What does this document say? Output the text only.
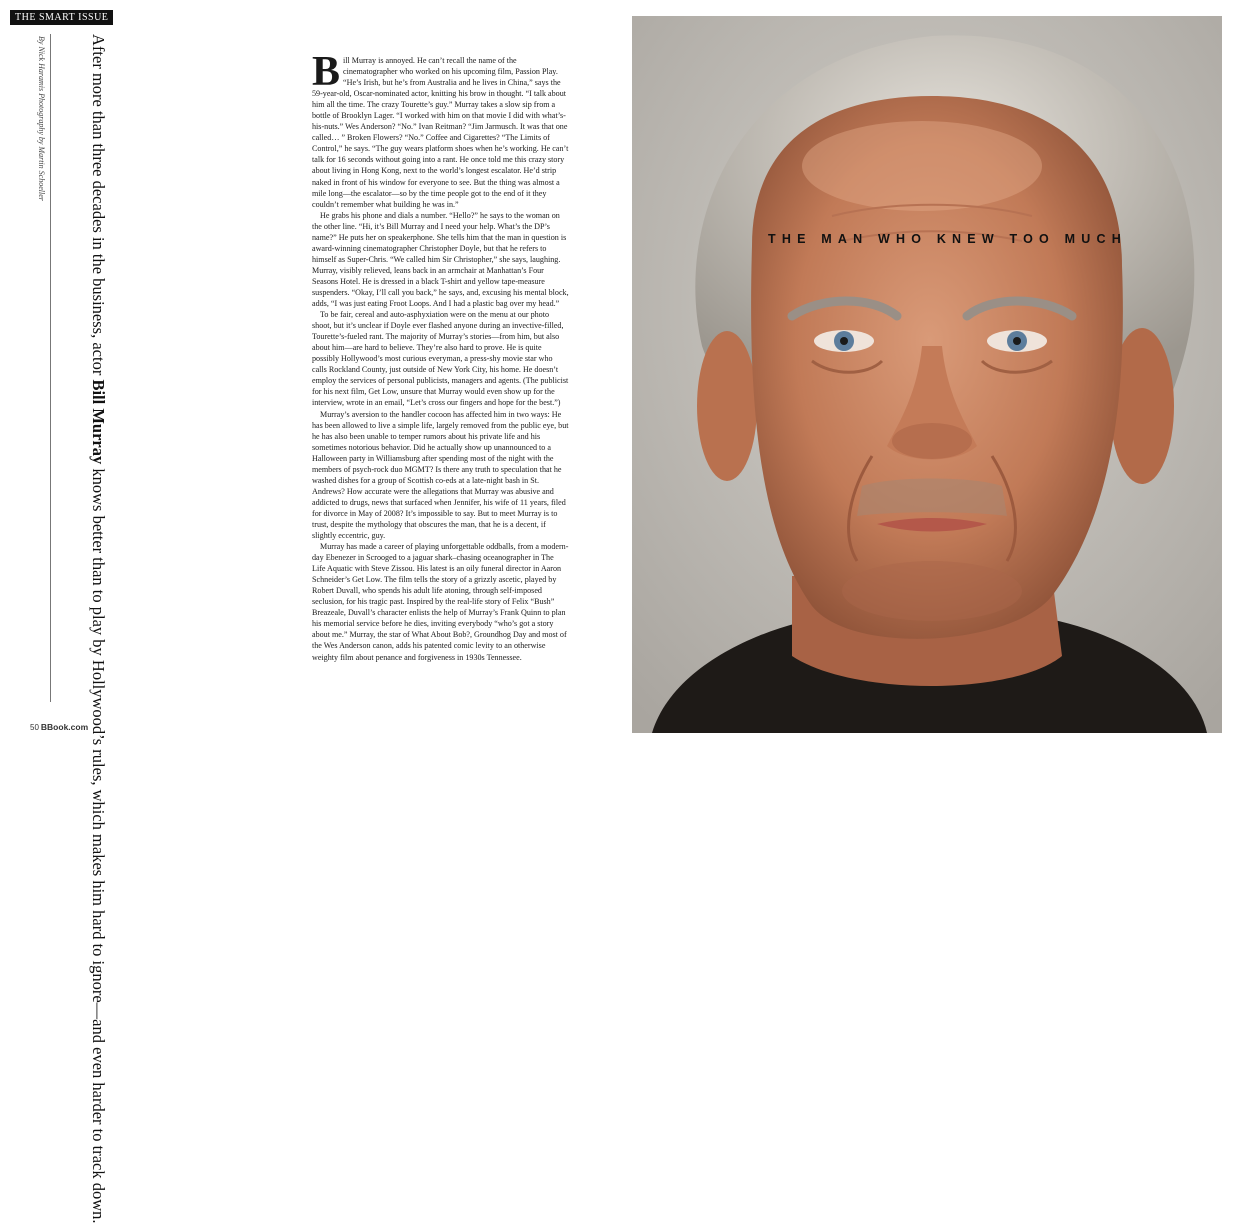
THE SMART ISSUE
After more than three decades in the business, actor Bill Murray knows better than to play by Hollywood’s rules, which makes him hard to ignore—and even harder to track down.
By Nick Haramis Photography by Martin Schoeller
50 BBook.com

Bill Murray is annoyed. He can’t recall the name of the cinematographer who worked on his upcoming film, Passion Play. “He’s Irish, but he’s from Australia and he lives in China,” says the 59-year-old, Oscar-nominated actor, knitting his brow in thought. “I talk about him all the time. The crazy Tourette’s guy.” Murray takes a slow sip from a bottle of Brooklyn Lager. “I worked with him on that movie I did with what’s-his-nuts.” Wes Anderson? “No.” Ivan Reitman? “Jim Jarmusch. It was that one called… ” Broken Flowers? “No.” Coffee and Cigarettes? “The Limits of Control,” he says. “The guy wears platform shoes when he’s working. He can’t talk for 16 seconds without going into a rant. He once told me this crazy story about living in Hong Kong, next to the world’s longest escalator. He’d strip naked in front of his window for everyone to see. But the thing was almost a mile long—the escalator—so by the time people got to the end of it they couldn’t remember what building he was in.”

He grabs his phone and dials a number. “Hello?” he says to the woman on the other line. “Hi, it’s Bill Murray and I need your help. What’s the DP’s name?” He puts her on speakerphone. She tells him that the man in question is award-winning cinematographer Christopher Doyle, but that he refers to himself as Super-Chris. “We called him Sir Christopher,” she says, laughing. Murray, visibly relieved, leans back in an armchair at Manhattan’s Four Seasons Hotel. He is dressed in a black T-shirt and yellow tape-measure suspenders. “Okay, I’ll call you back,” he says, and, excusing his mental block, adds, “I was just eating Froot Loops. And I had a plastic bag over my head.”

To be fair, cereal and auto-asphyxiation were on the menu at our photo shoot, but it’s unclear if Doyle ever flashed anyone during an invective-filled, Tourette’s-fueled rant. The majority of Murray’s stories—from him, but also about him—are hard to believe. They’re also hard to prove. He is quite possibly Hollywood’s most curious everyman, a press-shy movie star who calls Rockland County, just outside of New York City, his home. He doesn’t employ the services of personal publicists, managers and agents. (The publicist for his next film, Get Low, unsure that Murray would even show up for the interview, wrote in an email, “Let’s cross our fingers and hope for the best.”)

Murray’s aversion to the handler cocoon has affected him in two ways: He has been allowed to live a simple life, largely removed from the public eye, but he has also been unable to temper rumors about his private life and his sometimes notorious behavior. Did he actually show up unannounced to a Halloween party in Williamsburg after spending most of the night with the members of psych-rock duo MGMT? Is there any truth to speculation that he washed dishes for a group of Scottish co-eds at a late-night bash in St. Andrews? How accurate were the allegations that Murray was abusive and addicted to drugs, news that surfaced when Jennifer, his wife of 11 years, filed for divorce in May of 2008? It’s impossible to say. But to meet Murray is to trust, despite the mythology that obscures the man, that he is a decent, if slightly eccentric, guy.

Murray has made a career of playing unforgettable oddballs, from a modern-day Ebenezer in Scrooged to a jaguar shark–chasing oceanographer in The Life Aquatic with Steve Zissou. His latest is an oily funeral director in Aaron Schneider’s Get Low. The film tells the story of a grizzly ascetic, played by Robert Duvall, who spends his adult life atoning, through self-imposed seclusion, for his tragic past. Inspired by the real-life story of Felix “Bush” Breazeale, Duvall’s character enlists the help of Murray’s Frank Quinn to plan his memorial service before he dies, inviting everybody “who’s got a story about me.” Murray, the star of What About Bob?, Groundhog Day and most of the Wes Anderson canon, adds his patented comic levity to an otherwise weighty film about penance and forgiveness in 1930s Tennessee.

THE MAN WHO KNEW TOO MUCH
